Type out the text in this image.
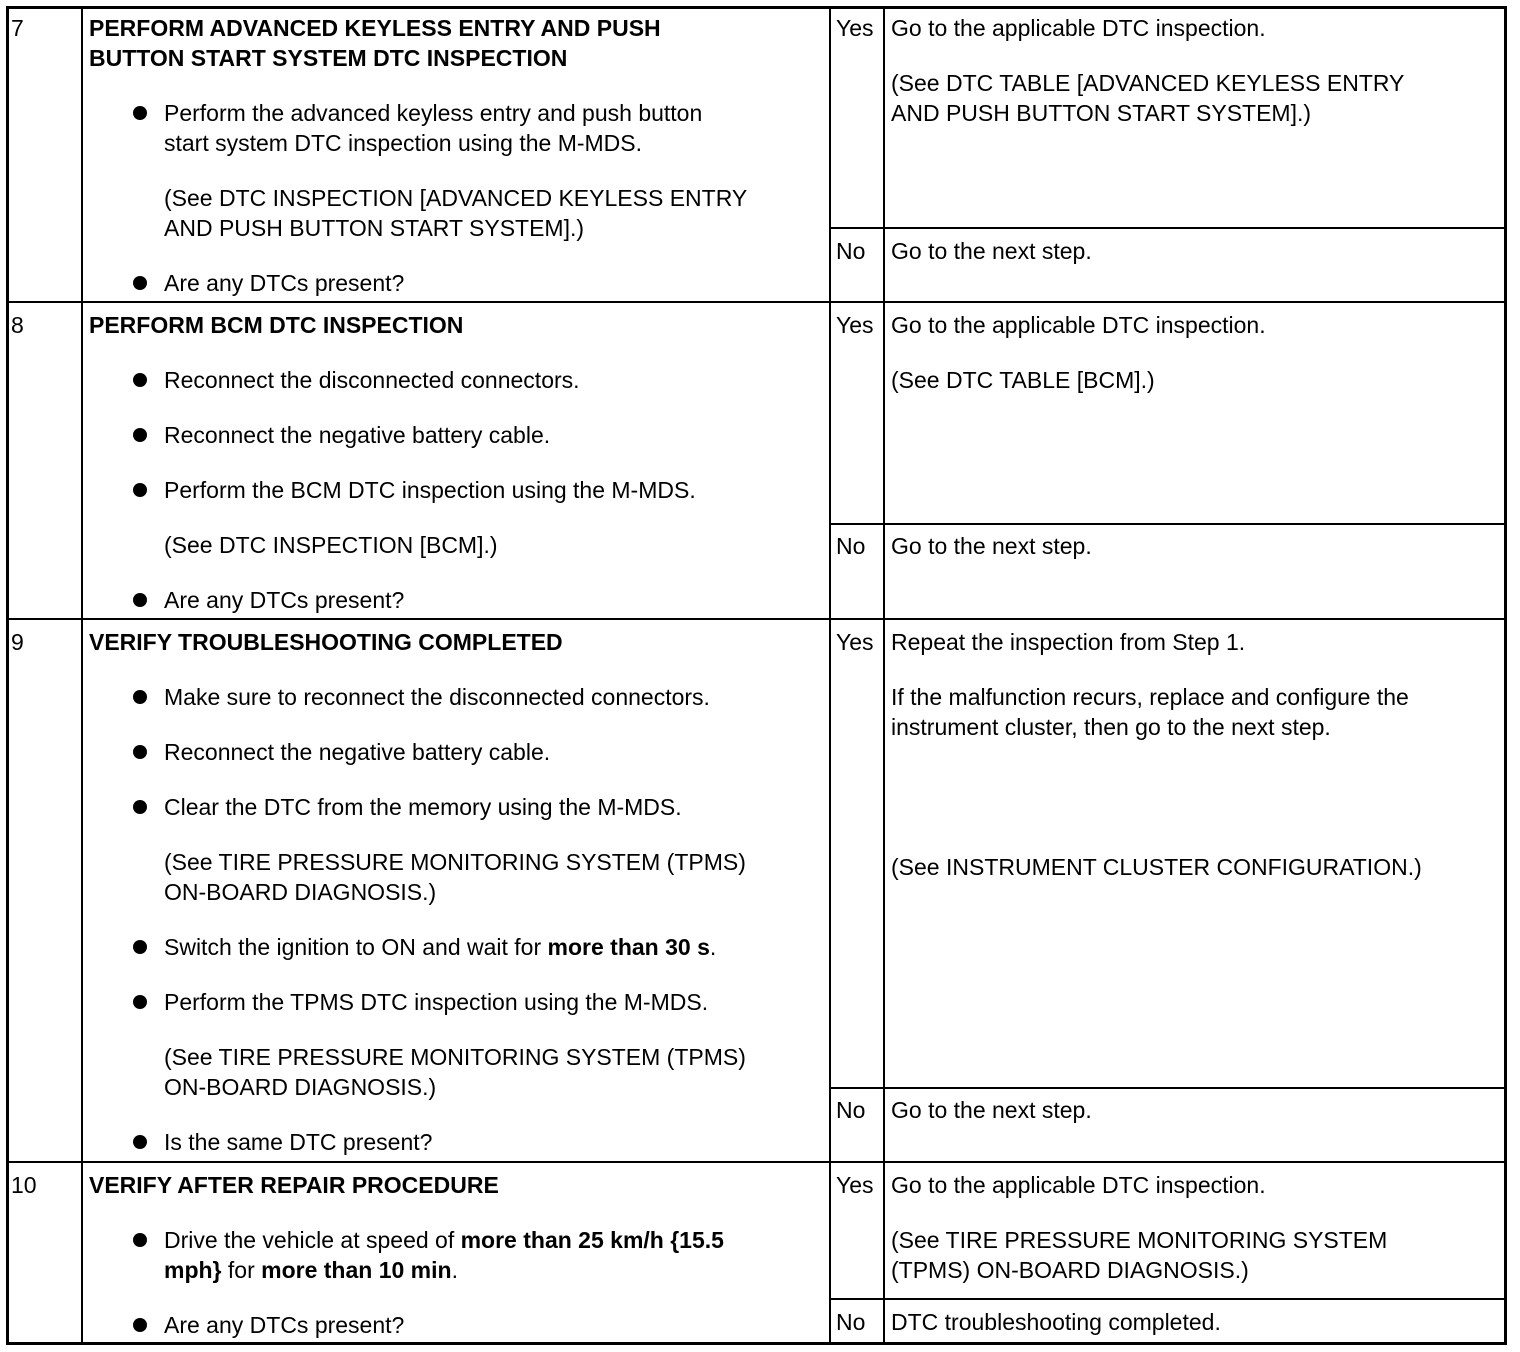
7	PERFORM ADVANCED KEYLESS ENTRY AND PUSH
BUTTON START SYSTEM DTC INSPECTION
Perform the advanced keyless entry and push button
start system DTC inspection using the M-MDS.
(See DTC INSPECTION [ADVANCED KEYLESS ENTRY
AND PUSH BUTTON START SYSTEM].)
Are any DTCs present?
Yes Go to the applicable DTC inspection.
(See DTC TABLE [ADVANCED KEYLESS ENTRY
AND PUSH BUTTON START SYSTEM].)
No Go to the next step.
8	PERFORM BCM DTC INSPECTION
Reconnect the disconnected connectors.
Reconnect the negative battery cable.
Perform the BCM DTC inspection using the M-MDS.
(See DTC INSPECTION [BCM].)
Are any DTCs present?
Yes Go to the applicable DTC inspection.
(See DTC TABLE [BCM].)
No Go to the next step.
9	VERIFY TROUBLESHOOTING COMPLETED
Make sure to reconnect the disconnected connectors.
Reconnect the negative battery cable.
Clear the DTC from the memory using the M-MDS.
(See TIRE PRESSURE MONITORING SYSTEM (TPMS)
ON-BOARD DIAGNOSIS.)
Switch the ignition to ON and wait for more than 30 s.
Perform the TPMS DTC inspection using the M-MDS.
(See TIRE PRESSURE MONITORING SYSTEM (TPMS)
ON-BOARD DIAGNOSIS.)
Is the same DTC present?
Yes Repeat the inspection from Step 1.
If the malfunction recurs, replace and configure the
instrument cluster, then go to the next step.
(See INSTRUMENT CLUSTER CONFIGURATION.)
No Go to the next step.
10 VERIFY AFTER REPAIR PROCEDURE
Drive the vehicle at speed of more than 25 km/h {15.5
mph} for more than 10 min.
Are any DTCs present?
Yes Go to the applicable DTC inspection.
(See TIRE PRESSURE MONITORING SYSTEM
(TPMS) ON-BOARD DIAGNOSIS.)
No DTC troubleshooting completed.
